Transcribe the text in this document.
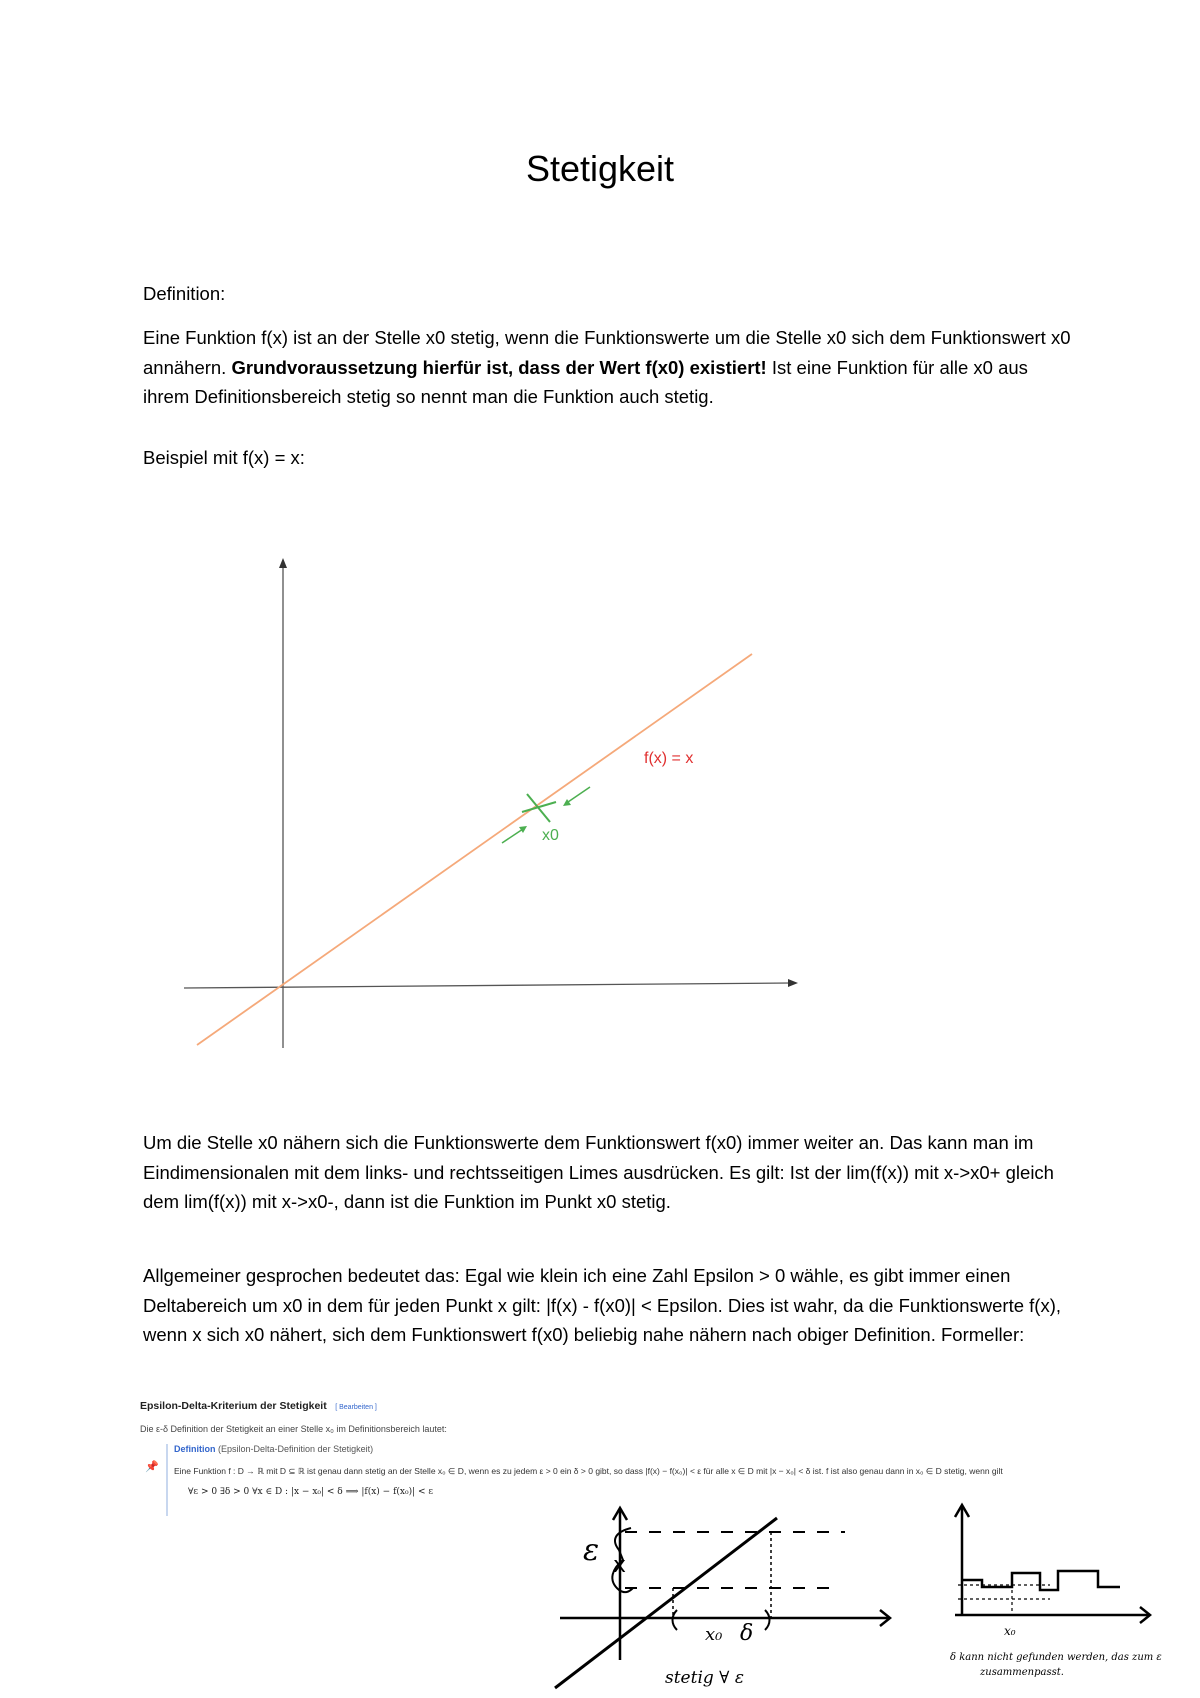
Stetigkeit
Definition:
Eine Funktion f(x) ist an der Stelle x0 stetig, wenn die Funktionswerte um die Stelle x0 sich dem Funktionswert x0 annähern. Grundvoraussetzung hierfür ist, dass der Wert f(x0) existiert! Ist eine Funktion für alle x0 aus ihrem Definitionsbereich stetig so nennt man die Funktion auch stetig.
Beispiel mit f(x) = x:
x0
f(x) = x
Um die Stelle x0 nähern sich die Funktionswerte dem Funktionswert f(x0) immer weiter an. Das kann man im Eindimensionalen mit dem links- und rechtsseitigen Limes ausdrücken. Es gilt: Ist der lim(f(x)) mit x->x0+ gleich dem lim(f(x)) mit x->x0-, dann ist die Funktion im Punkt x0 stetig.
Allgemeiner gesprochen bedeutet das: Egal wie klein ich eine Zahl Epsilon > 0 wähle, es gibt immer einen Deltabereich um x0 in dem für jeden Punkt x gilt: |f(x) - f(x0)| < Epsilon. Dies ist wahr, da die Funktionswerte f(x), wenn x sich x0 nähert, sich dem Funktionswert f(x0) beliebig nahe nähern nach obiger Definition. Formeller:
Epsilon-Delta-Kriterium der Stetigkeit [ Bearbeiten ]
Die ε-δ Definition der Stetigkeit an einer Stelle x₀ im Definitionsbereich lautet:
📌
Definition (Epsilon-Delta-Definition der Stetigkeit)
Eine Funktion f : D → ℝ mit D ⊆ ℝ ist genau dann stetig an der Stelle x₀ ∈ D, wenn es zu jedem ε > 0 ein δ > 0 gibt, so dass |f(x) − f(x₀)| < ε für alle x ∈ D mit |x − x₀| < δ ist. f ist also genau dann in x₀ ∈ D stetig, wenn gilt
∀ε > 0 ∃δ > 0 ∀x ∈ D : |x − x₀| < δ ⟹ |f(x) − f(x₀)| < ε
ε x
x₀ δ
stetig ∀ ε
x₀
δ kann nicht gefunden werden, das zum ε
zusammenpasst.
